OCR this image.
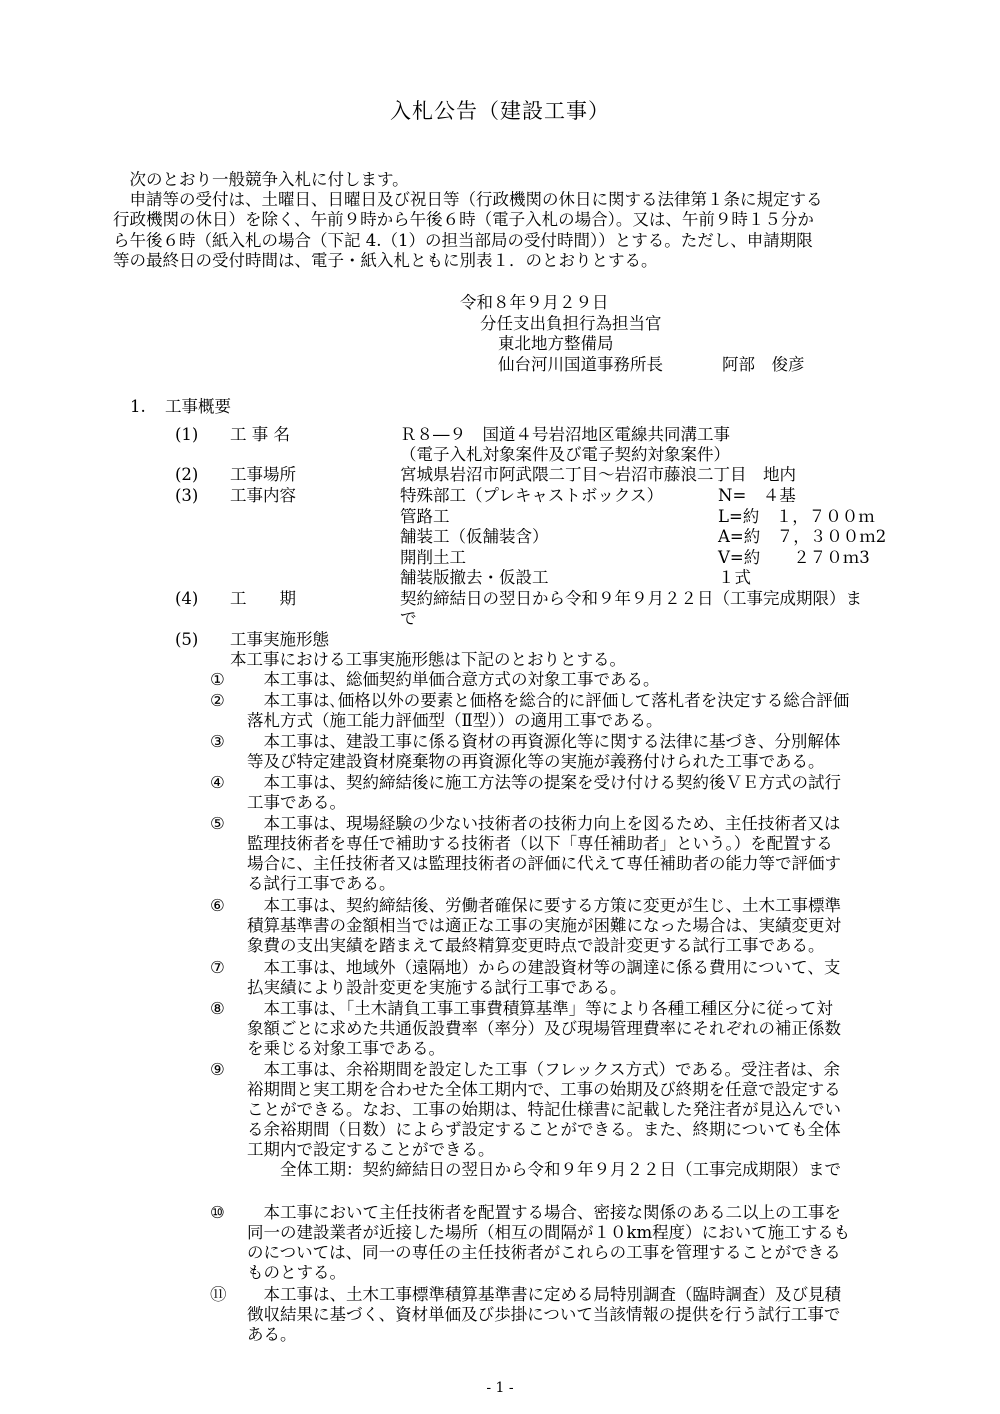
入札公告（建設工事）
　次のとおり一般競争入札に付します。
　申請等の受付は、土曜日、日曜日及び祝日等（行政機関の休日に関する法律第１条に規定する
行政機関の休日）を除く、午前９時から午後６時（電子入札の場合）。又は、午前９時１５分か
ら午後６時（紙入札の場合（下記 4.（1）の担当部局の受付時間））とする。ただし、申請期限
等の最終日の受付時間は、電子・紙入札ともに別表１．のとおりとする。
令和８年９月２９日
分任支出負担行為担当官
東北地方整備局
仙台河川国道事務所長	阿部　俊彦
1. 工事概要
(1) 工 事 名	Ｒ８―９　国道４号岩沼地区電線共同溝工事
（電子入札対象案件及び電子契約対象案件）
(2) 工事場所	宮城県岩沼市阿武隈二丁目～岩沼市藤浪二丁目　地内
(3) 工事内容	特殊部工（プレキャストボックス）	N=　４基
管路工	L=約　１，７００ｍ
舗装工（仮舗装含）	A=約　７，３００ｍ2
開削土工	V=約　　２７０ｍ3
舗装版撤去・仮設工	１式
(4) 工　　期	契約締結日の翌日から令和９年９月２２日（工事完成期限）ま
で
(5) 工事実施形態
本工事における工事実施形態は下記のとおりとする。
① 　本工事は、総価契約単価合意方式の対象工事である。
②	　本工事は､価格以外の要素と価格を総合的に評価して落札者を決定する総合評価
落札方式（施工能力評価型（Ⅱ型））の適用工事である。
③	　本工事は、建設工事に係る資材の再資源化等に関する法律に基づき、分別解体
等及び特定建設資材廃棄物の再資源化等の実施が義務付けられた工事である。
④	　本工事は、契約締結後に施工方法等の提案を受け付ける契約後ＶＥ方式の試行
工事である。
⑤	　本工事は、現場経験の少ない技術者の技術力向上を図るため、主任技術者又は
監理技術者を専任で補助する技術者（以下「専任補助者」という。）を配置する
場合に、主任技術者又は監理技術者の評価に代えて専任補助者の能力等で評価す
る試行工事である。
⑥	　本工事は、契約締結後、労働者確保に要する方策に変更が生じ、土木工事標準
積算基準書の金額相当では適正な工事の実施が困難になった場合は、実績変更対
象費の支出実績を踏まえて最終精算変更時点で設計変更する試行工事である。
⑦	　本工事は、地域外（遠隔地）からの建設資材等の調達に係る費用について、支
払実績により設計変更を実施する試行工事である。
⑧	　本工事は、「土木請負工事工事費積算基準」等により各種工種区分に従って対
象額ごとに求めた共通仮設費率（率分）及び現場管理費率にそれぞれの補正係数
を乗じる対象工事である。
⑨	　本工事は、余裕期間を設定した工事（フレックス方式）である。受注者は、余
裕期間と実工期を合わせた全体工期内で、工事の始期及び終期を任意で設定する
ことができる。なお、工事の始期は、特記仕様書に記載した発注者が見込んでい
る余裕期間（日数）によらず設定することができる。また、終期についても全体
工期内で設定することができる。
　　全体工期：契約締結日の翌日から令和９年９月２２日（工事完成期限）まで
⑩	　本工事において主任技術者を配置する場合、密接な関係のある二以上の工事を
同一の建設業者が近接した場所（相互の間隔が１０km程度）において施工するも
のについては、同一の専任の主任技術者がこれらの工事を管理することができる
ものとする。
⑪	　本工事は、土木工事標準積算基準書に定める局特別調査（臨時調査）及び見積
徴収結果に基づく、資材単価及び歩掛について当該情報の提供を行う試行工事で
ある。
- 1 -
